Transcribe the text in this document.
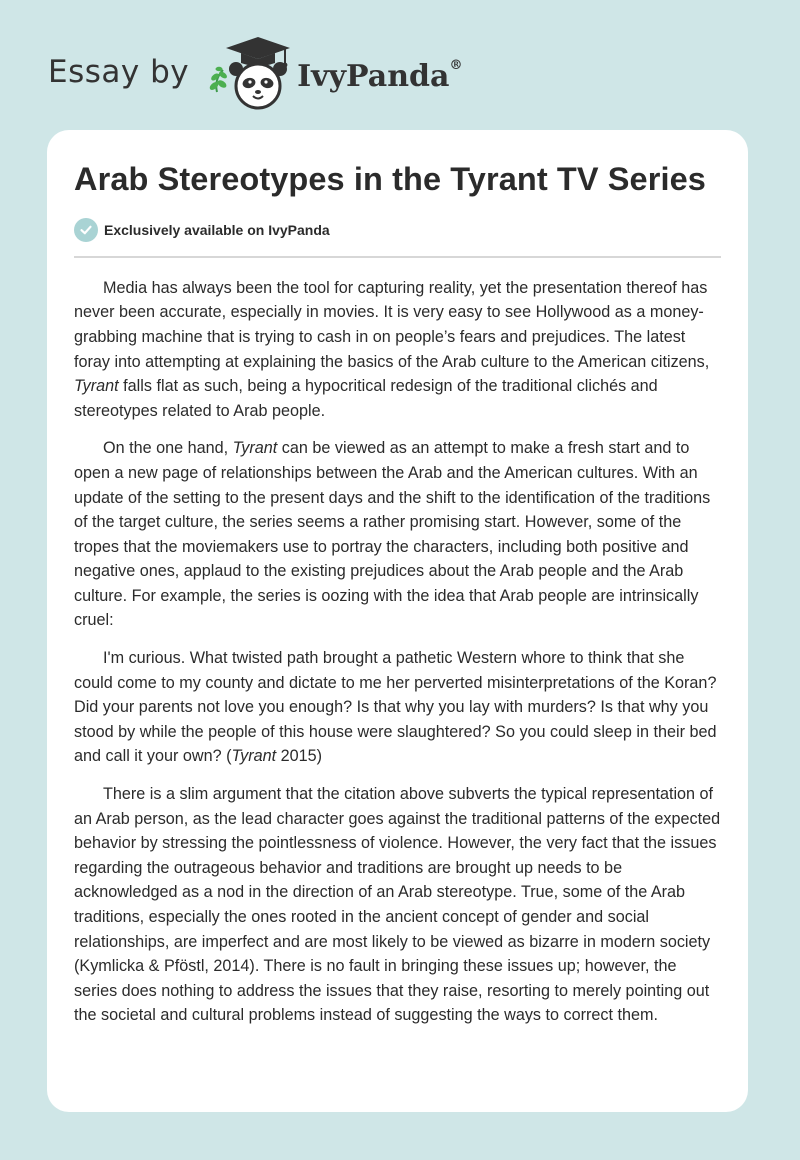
Essay by	IvyPanda®
Arab Stereotypes in the Tyrant TV Series
Exclusively available on IvyPanda

Media has always been the tool for capturing reality, yet the presentation thereof has never been accurate, especially in movies. It is very easy to see Hollywood as a money-grabbing machine that is trying to cash in on people’s fears and prejudices. The latest foray into attempting at explaining the basics of the Arab culture to the American citizens, Tyrant falls flat as such, being a hypocritical redesign of the traditional clichés and stereotypes related to Arab people.

On the one hand, Tyrant can be viewed as an attempt to make a fresh start and to open a new page of relationships between the Arab and the American cultures. With an update of the setting to the present days and the shift to the identification of the traditions of the target culture, the series seems a rather promising start. However, some of the tropes that the moviemakers use to portray the characters, including both positive and negative ones, applaud to the existing prejudices about the Arab people and the Arab culture. For example, the series is oozing with the idea that Arab people are intrinsically cruel:

I'm curious. What twisted path brought a pathetic Western whore to think that she could come to my county and dictate to me her perverted misinterpretations of the Koran? Did your parents not love you enough? Is that why you lay with murders? Is that why you stood by while the people of this house were slaughtered? So you could sleep in their bed and call it your own? (Tyrant 2015)

There is a slim argument that the citation above subverts the typical representation of an Arab person, as the lead character goes against the traditional patterns of the expected behavior by stressing the pointlessness of violence. However, the very fact that the issues regarding the outrageous behavior and traditions are brought up needs to be acknowledged as a nod in the direction of an Arab stereotype. True, some of the Arab traditions, especially the ones rooted in the ancient concept of gender and social relationships, are imperfect and are most likely to be viewed as bizarre in modern society (Kymlicka & Pföstl, 2014). There is no fault in bringing these issues up; however, the series does nothing to address the issues that they raise, resorting to merely pointing out the societal and cultural problems instead of suggesting the ways to correct them.
